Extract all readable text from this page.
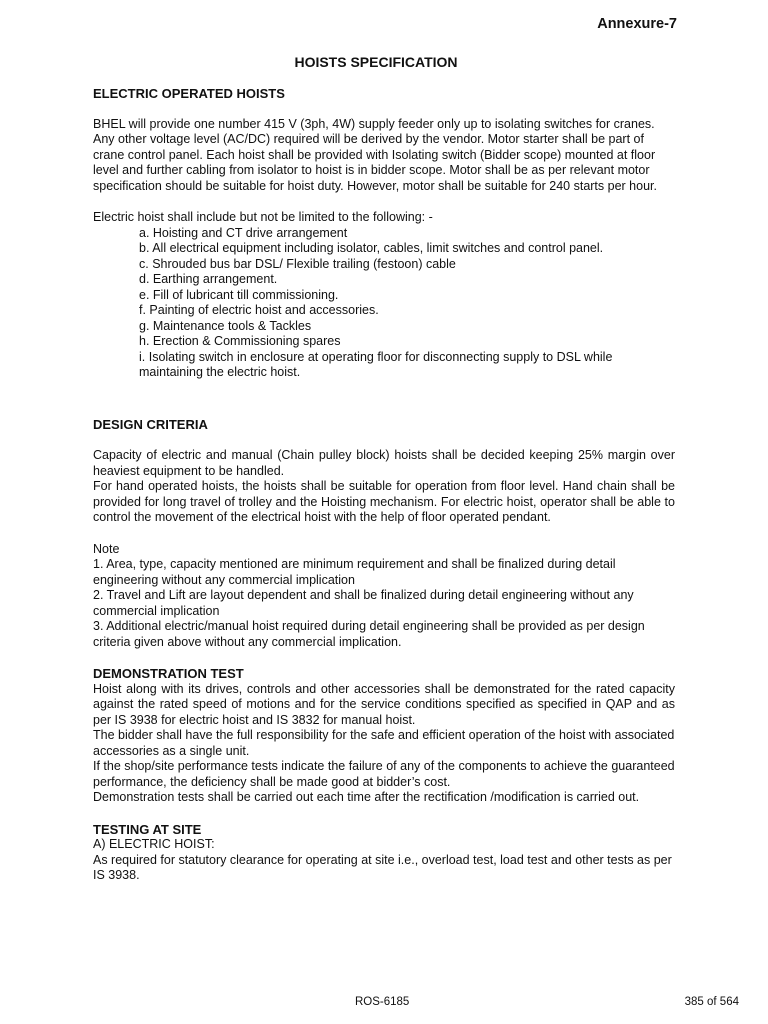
Annexure-7
HOISTS SPECIFICATION

ELECTRIC OPERATED HOISTS

BHEL will provide one number 415 V (3ph, 4W) supply feeder only up to isolating switches for cranes. Any other voltage level (AC/DC) required will be derived by the vendor. Motor starter shall be part of crane control panel. Each hoist shall be provided with Isolating switch (Bidder scope) mounted at floor level and further cabling from isolator to hoist is in bidder scope. Motor shall be as per relevant motor specification should be suitable for hoist duty. However, motor shall be suitable for 240 starts per hour.

Electric hoist shall include but not be limited to the following: -

a. Hoisting and CT drive arrangement
b. All electrical equipment including isolator, cables, limit switches and control panel.
c. Shrouded bus bar DSL/ Flexible trailing (festoon) cable
d. Earthing arrangement.
e. Fill of lubricant till commissioning.
f. Painting of electric hoist and accessories.
g. Maintenance tools & Tackles
h. Erection & Commissioning spares
i. Isolating switch in enclosure at operating floor for disconnecting supply to DSL while maintaining the electric hoist.

DESIGN CRITERIA

Capacity of electric and manual (Chain pulley block) hoists shall be decided keeping 25% margin over heaviest equipment to be handled.

For hand operated hoists, the hoists shall be suitable for operation from floor level. Hand chain shall be provided for long travel of trolley and the Hoisting mechanism. For electric hoist, operator shall be able to control the movement of the electrical hoist with the help of floor operated pendant.

Note

1. Area, type, capacity mentioned are minimum requirement and shall be finalized during detail engineering without any commercial implication

2. Travel and Lift are layout dependent and shall be finalized during detail engineering without any commercial implication

3. Additional electric/manual hoist required during detail engineering shall be provided as per design criteria given above without any commercial implication.

DEMONSTRATION TEST

Hoist along with its drives, controls and other accessories shall be demonstrated for the rated capacity against the rated speed of motions and for the service conditions specified as specified in QAP and as per IS 3938 for electric hoist and IS 3832 for manual hoist.

The bidder shall have the full responsibility for the safe and efficient operation of the hoist with associated accessories as a single unit.

If the shop/site performance tests indicate the failure of any of the components to achieve the guaranteed performance, the deficiency shall be made good at bidder’s cost.

Demonstration tests shall be carried out each time after the rectification /modification is carried out.

TESTING AT SITE

A) ELECTRIC HOIST:

As required for statutory clearance for operating at site i.e., overload test, load test and other tests as per IS 3938.

ROS-6185	385 of 564
